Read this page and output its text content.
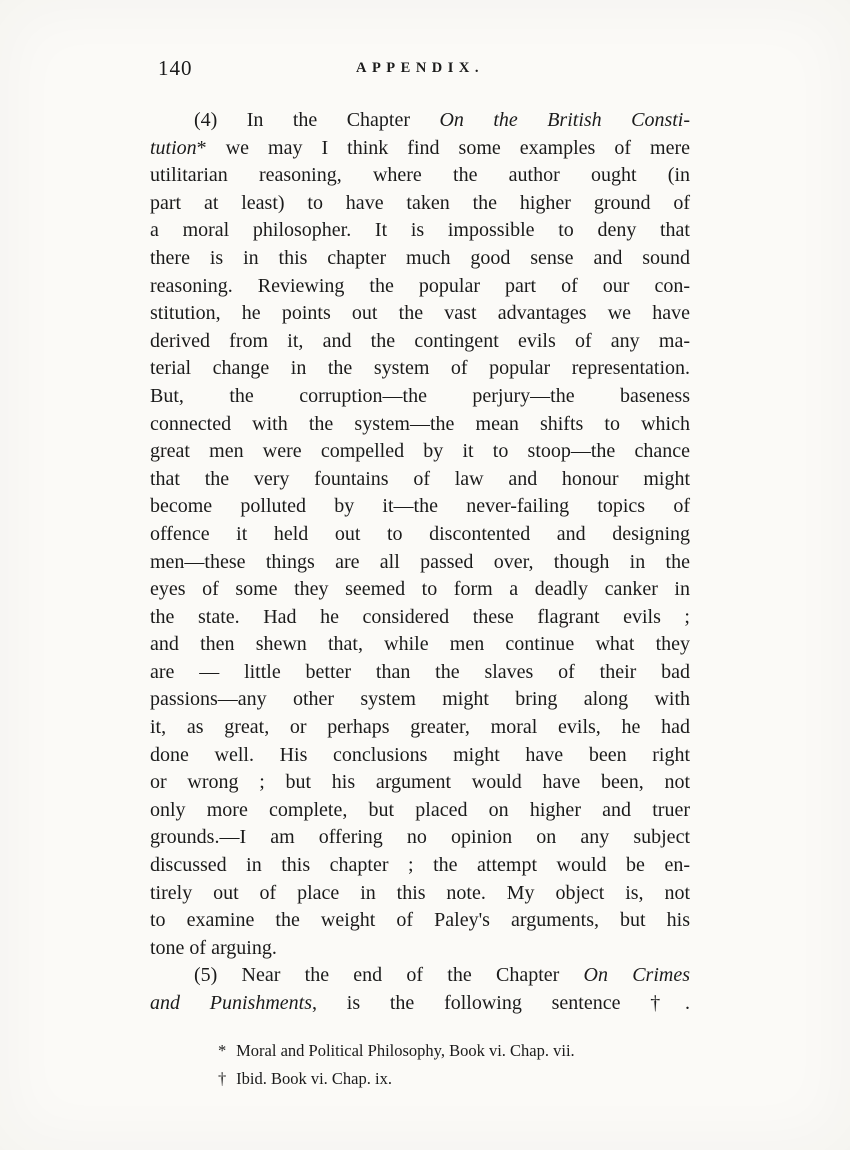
140	APPENDIX.
(4) In the Chapter On the British Consti-
tution* we may I think find some examples of mere
utilitarian reasoning, where the author ought (in
part at least) to have taken the higher ground of
a moral philosopher. It is impossible to deny that
there is in this chapter much good sense and sound
reasoning. Reviewing the popular part of our con-
stitution, he points out the vast advantages we have
derived from it, and the contingent evils of any ma-
terial change in the system of popular representation.
But, the corruption—the perjury—the baseness
connected with the system—the mean shifts to which
great men were compelled by it to stoop—the chance
that the very fountains of law and honour might
become polluted by it—the never-failing topics of
offence it held out to discontented and designing
men—these things are all passed over, though in the
eyes of some they seemed to form a deadly canker in
the state. Had he considered these flagrant evils ;
and then shewn that, while men continue what they
are — little better than the slaves of their bad
passions—any other system might bring along with
it, as great, or perhaps greater, moral evils, he had
done well. His conclusions might have been right
or wrong ; but his argument would have been, not
only more complete, but placed on higher and truer
grounds.—I am offering no opinion on any subject
discussed in this chapter ; the attempt would be en-
tirely out of place in this note. My object is, not
to examine the weight of Paley's arguments, but his
tone of arguing.
(5) Near the end of the Chapter On Crimes
and Punishments, is the following sentence †.
* Moral and Political Philosophy, Book vi. Chap. vii.
† Ibid. Book vi. Chap. ix.
